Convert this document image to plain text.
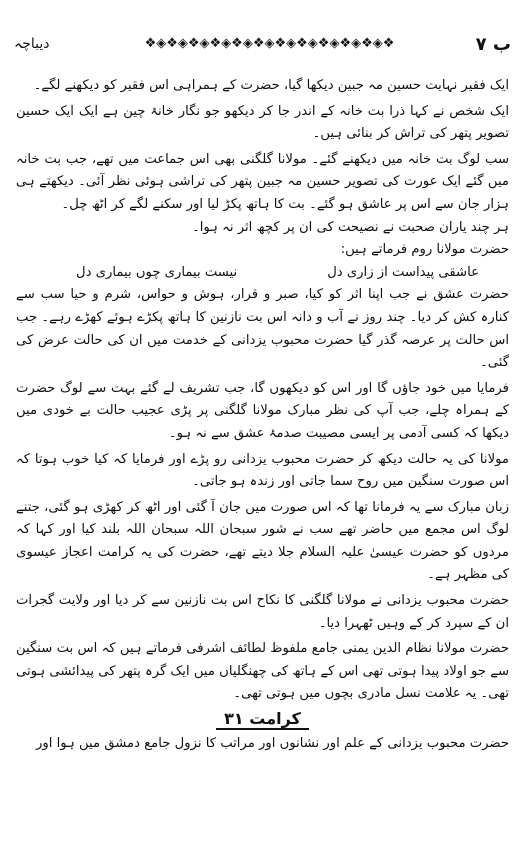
ب ۷
❖◈❖◈❖◈❖◈❖◈❖◈❖◈❖◈❖◈❖◈❖◈❖
دیباچہ

ایک فقیر نہایت حسین مہ جبین دیکھا گیا، حضرت کے ہمراہی اس فقیر کو دیکھنے لگے۔

ایک شخص نے کہا ذرا بت خانہ کے اندر جا کر دیکھو جو نگار خانۂ چین ہے ایک ایک حسین تصویر پتھر کی تراش کر بنائی ہیں۔

سب لوگ بت خانہ میں دیکھنے گئے۔ مولانا گلگنی بھی اس جماعت میں تھے، جب بت خانہ میں گئے ایک عورت کی تصویر حسین مہ جبین پتھر کی تراشی ہوئی نظر آئی۔ دیکھتے ہی ہزار جان سے اس پر عاشق ہو گئے۔ بت کا ہاتھ پکڑ لیا اور سکنے لگے کر اٹھ چل۔

ہر چند یاران صحبت نے نصیحت کی ان پر کچھ اثر نہ ہوا۔

حضرت مولانا روم فرماتے ہیں:

عاشقی پیداست از زاری دل
نیست بیماری چوں بیماری دل

حضرت عشق نے جب اپنا اثر کو کیا، صبر و قرار، ہوش و حواس، شرم و حیا سب سے کنارہ کش کر دیا۔ چند روز نے آب و دانہ اس بت نازنین کا ہاتھ پکڑے ہوئے کھڑے رہے۔ جب اس حالت پر عرصہ گذر گیا حضرت محبوب یزدانی کے خدمت میں ان کی حالت عرض کی گئی۔

فرمایا میں خود جاؤں گا اور اس کو دیکھوں گا، جب تشریف لے گئے بہت سے لوگ حضرت کے ہمراہ چلے، جب آپ کی نظر مبارک مولانا گلگنی پر پڑی عجیب حالت بے خودی میں دیکھا کہ کسی آدمی پر ایسی مصیبت صدمۂ عشق سے نہ ہو۔

مولانا کی یہ حالت دیکھ کر حضرت محبوب یزدانی رو پڑے اور فرمایا کہ کیا خوب ہوتا کہ اس صورت سنگین میں روح سما جاتی اور زندہ ہو جاتی۔

زبان مبارک سے یہ فرمانا تھا کہ اس صورت میں جان آ گئی اور اٹھ کر کھڑی ہو گئی، جتنے لوگ اس مجمع میں حاضر تھے سب نے شور سبحان اللہ سبحان اللہ بلند کیا اور کہا کہ مردوں کو حضرت عیسیٰ علیہ السلام جلا دیتے تھے، حضرت کی یہ کرامت اعجاز عیسوی کی مظہر ہے۔

حضرت محبوب یزدانی نے مولانا گلگنی کا نکاح اس بت نازنین سے کر دیا اور ولایت گجرات ان کے سپرد کر کے وہیں ٹھہرا دیا۔

حضرت مولانا نظام الدین یمنی جامع ملفوظ لطائف اشرفی فرماتے ہیں کہ اس بت سنگین سے جو اولاد پیدا ہوتی تھی اس کے ہاتھ کی چھنگلیاں میں ایک گرہ پتھر کی پیدائشی ہوتی تھی۔ یہ علامت نسل مادری بچوں میں ہوتی تھی۔

کرامت ۳۱

حضرت محبوب یزدانی کے علم اور نشانوں اور مراتب کا نزول جامع دمشق میں ہوا اور
